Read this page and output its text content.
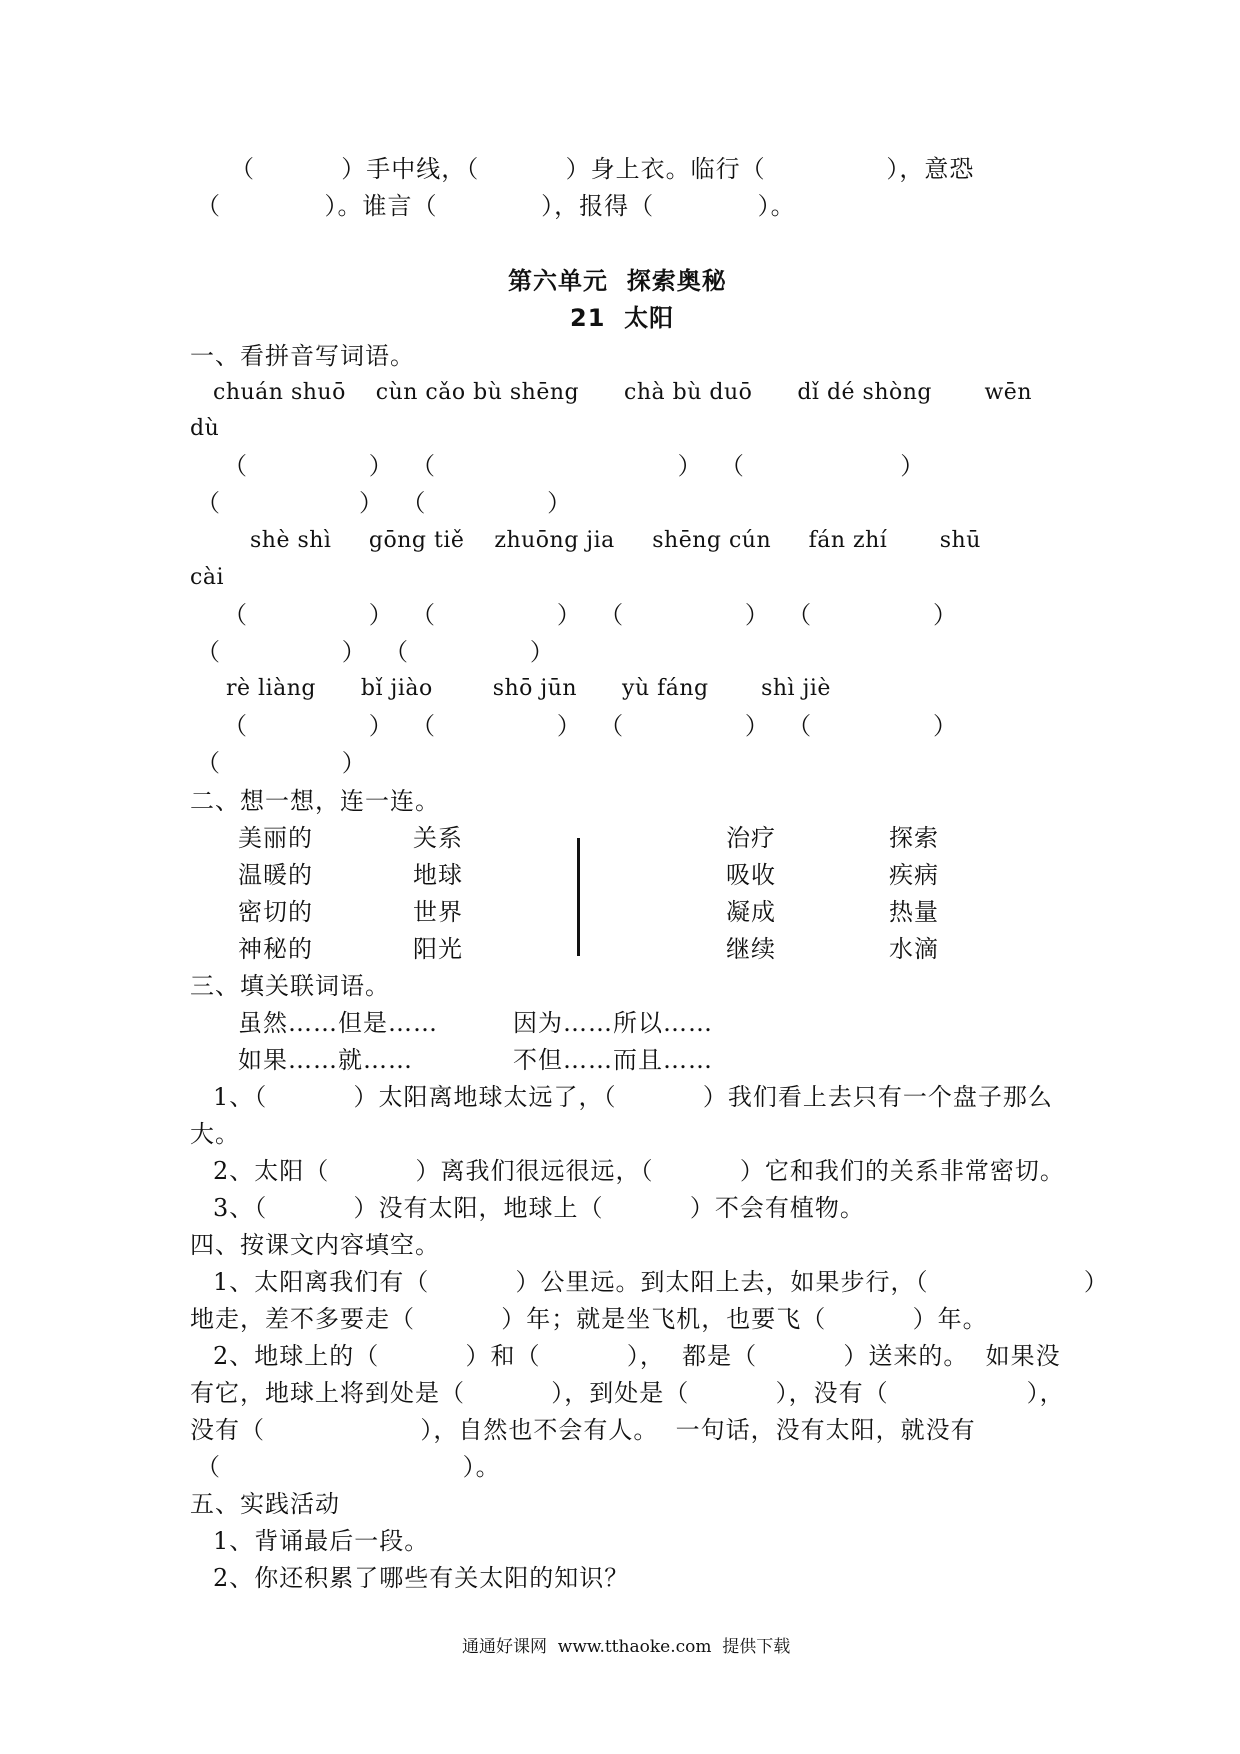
（          ）手中线，（          ）身上衣。临行（              ），意恐
（            ）。谁言（            ），报得（            ）。
第六单元  探索奥秘
21  太阳
一、看拼音写词语。
chuán shuō    cùn cǎo bù shēng      chà bù duō      dǐ dé shòng       wēn
dù
（              ）  （                            ）  （                  ）
（                ）  （              ）
shè shì     gōng tiě    zhuōng jia     shēng cún     fán zhí       shū
cài
（              ）  （              ）  （              ）  （              ）
（              ）  （              ）
rè liàng      bǐ jiào        shō jūn      yù fáng       shì jiè
（              ）  （              ）  （              ）  （              ）
（              ）
二、想一想，连一连。
美丽的
温暖的
密切的
神秘的
关系
地球
世界
阳光
治疗
吸收
凝成
继续
探索
疾病
热量
水滴
三、填关联词语。
虽然……但是……	因为……所以……
如果……就……	不但……而且……
1、（          ）太阳离地球太远了，（          ）我们看上去只有一个盘子那么
大。
2、太阳（          ）离我们很远很远，（          ）它和我们的关系非常密切。
3、（          ）没有太阳，地球上（          ）不会有植物。
四、按课文内容填空。
1、太阳离我们有（          ）公里远。到太阳上去，如果步行，（                  ）
地走，差不多要走（          ）年；就是坐飞机，也要飞（          ）年。
2、地球上的（          ）和（          ），  都是（          ）送来的。  如果没
有它，地球上将到处是（          ），到处是（          ），没有（                ），
没有（                  ），自然也不会有人。  一句话，没有太阳，就没有
（                            ）。
五、实践活动
1、背诵最后一段。
2、你还积累了哪些有关太阳的知识？
通通好课网  www.tthaoke.com  提供下载
